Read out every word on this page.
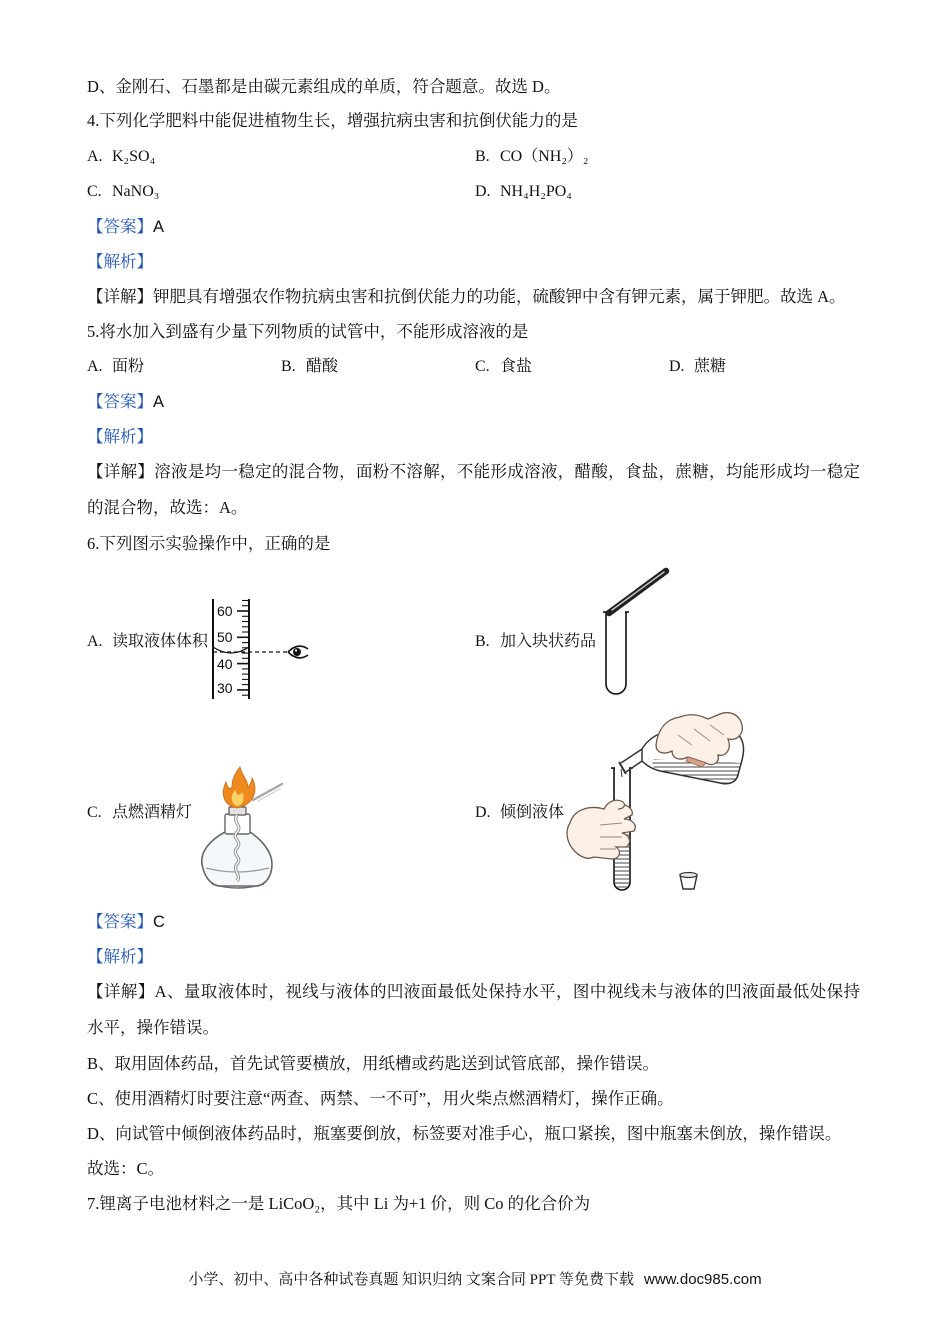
D、金刚石、石墨都是由碳元素组成的单质，符合题意。故选 D。
4.下列化学肥料中能促进植物生长，增强抗病虫害和抗倒伏能力的是
A. K₂SO₄	B. CO（NH₂）₂
C. NaNO₃	D. NH₄H₂PO₄
【答案】A
【解析】
【详解】钾肥具有增强农作物抗病虫害和抗倒伏能力的功能，硫酸钾中含有钾元素，属于钾肥。故选 A。
5.将水加入到盛有少量下列物质的试管中，不能形成溶液的是
A. 面粉	B. 醋酸	C. 食盐	D. 蔗糖
【答案】A
【解析】
【详解】溶液是均一稳定的混合物，面粉不溶解，不能形成溶液，醋酸，食盐，蔗糖，均能形成均一稳定
的混合物，故选：A。
6.下列图示实验操作中，正确的是
A. 读取液体体积	B. 加入块状药品
C. 点燃酒精灯	D. 倾倒液体
60
50
40
30
【答案】C
【解析】
【详解】A、量取液体时，视线与液体的凹液面最低处保持水平，图中视线未与液体的凹液面最低处保持
水平，操作错误。
B、取用固体药品，首先试管要横放，用纸槽或药匙送到试管底部，操作错误。
C、使用酒精灯时要注意“两查、两禁、一不可”，用火柴点燃酒精灯，操作正确。
D、向试管中倾倒液体药品时，瓶塞要倒放，标签要对准手心，瓶口紧挨，图中瓶塞未倒放，操作错误。
故选：C。
7.锂离子电池材料之一是 LiCoO₂，其中 Li 为+1 价，则 Co 的化合价为
小学、初中、高中各种试卷真题 知识归纳 文案合同 PPT 等免费下载 www.doc985.com
